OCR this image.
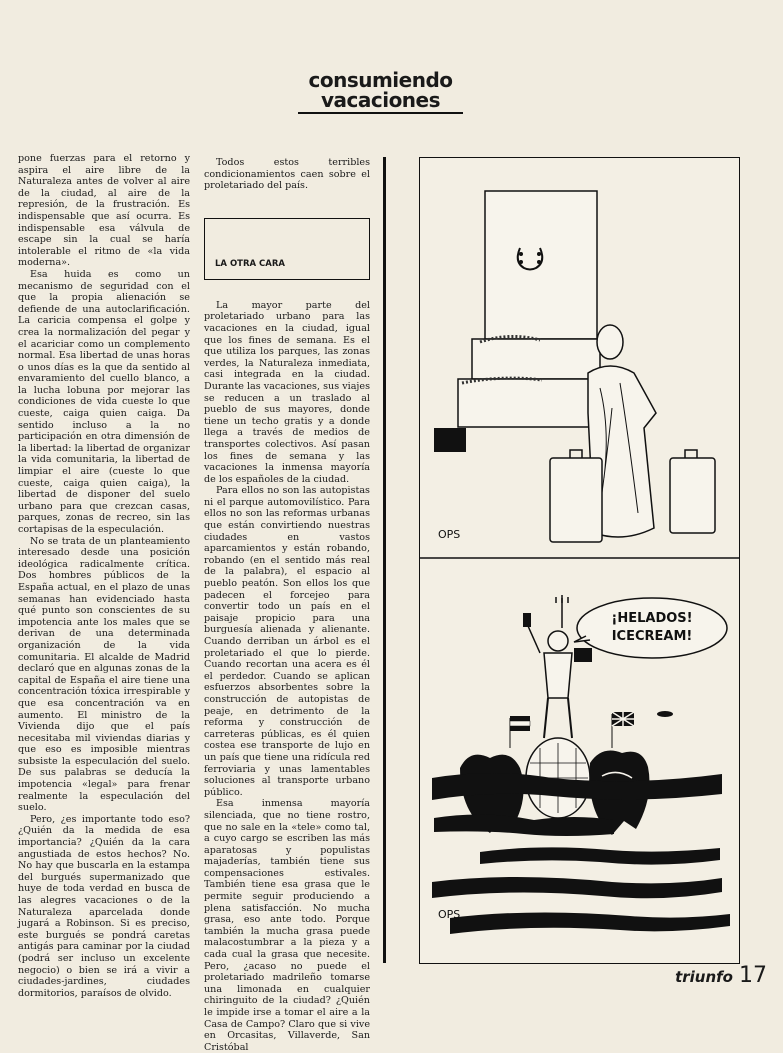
consumiendo
vacaciones

pone fuerzas para el retorno y aspira el aire libre de la Naturaleza antes de volver al aire de la ciudad, al aire de la represión, de la frustración. Es indispensable que así ocurra. Es indispensable esa válvula de escape sin la cual se haría intolerable el ritmo de «la vida moderna».

Esa huida es como un mecanismo de seguridad con el que la propia alienación se defiende de una autoclarificación. La caricia compensa el golpe y crea la normalización del pegar y el acariciar como un complemento normal. Esa libertad de unas horas o unos días es la que da sentido al envaramiento del cuello blanco, a la lucha lobuna por mejorar las condiciones de vida cueste lo que cueste, caiga quien caiga. Da sentido incluso a la no participación en otra dimensión de la libertad: la libertad de organizar la vida comunitaria, la libertad de limpiar el aire (cueste lo que cueste, caiga quien caiga), la libertad de disponer del suelo urbano para que crezcan casas, parques, zonas de recreo, sin las cortapisas de la especulación.

No se trata de un planteamiento interesado desde una posición ideológica radicalmente crítica. Dos hombres públicos de la España actual, en el plazo de unas semanas han evidenciado hasta qué punto son conscientes de su impotencia ante los males que se derivan de una determinada organización de la vida comunitaria. El alcalde de Madrid declaró que en algunas zonas de la capital de España el aire tiene una concentración tóxica irrespirable y que esa concentración va en aumento. El ministro de la Vivienda dijo que el país necesitaba mil viviendas diarias y que eso es imposible mientras subsiste la especulación del suelo. De sus palabras se deducía la impotencia «legal» para frenar realmente la especulación del suelo.

Pero, ¿es importante todo eso? ¿Quién da la medida de esa importancia? ¿Quién da la cara angustiada de estos hechos? No. No hay que buscarla en la estampa del burgués supermanizado que huye de toda verdad en busca de las alegres vacaciones o de la Naturaleza aparcelada donde jugará a Robinson. Si es preciso, este burgués se pondrá caretas antigás para caminar por la ciudad (podrá ser incluso un excelente negocio) o bien se irá a vivir a ciudades-jardines, ciudades dormitorios, paraísos de olvido.

Todos estos terribles condicionamientos caen sobre el proletariado del país.

LA OTRA CARA

La mayor parte del proletariado urbano para las vacaciones en la ciudad, igual que los fines de semana. Es el que utiliza los parques, las zonas verdes, la Naturaleza inmediata, casi integrada en la ciudad. Durante las vacaciones, sus viajes se reducen a un traslado al pueblo de sus mayores, donde tiene un techo gratis y a donde llega a través de medios de transportes colectivos. Así pasan los fines de semana y las vacaciones la inmensa mayoría de los españoles de la ciudad.

Para ellos no son las autopistas ni el parque automovilístico. Para ellos no son las reformas urbanas que están convirtiendo nuestras ciudades en vastos aparcamientos y están robando, robando (en el sentido más real de la palabra), el espacio al pueblo peatón. Son ellos los que padecen el forcejeo para convertir todo un país en el paisaje propicio para una burguesía alienada y alienante. Cuando derriban un árbol es el proletariado el que lo pierde. Cuando recortan una acera es él el perdedor. Cuando se aplican esfuerzos absorbentes sobre la construcción de autopistas de peaje, en detrimento de la reforma y construcción de carreteras públicas, es él quien costea ese transporte de lujo en un país que tiene una ridícula red ferroviaria y unas lamentables soluciones al transporte urbano público.

Esa inmensa mayoría silenciada, que no tiene rostro, que no sale en la «tele» como tal, a cuyo cargo se escriben las más aparatosas y populistas majaderías, también tiene sus compensaciones estivales. También tiene esa grasa que le permite seguir produciendo a plena satisfacción. No mucha grasa, eso ante todo. Porque también la mucha grasa puede malacostumbrar a la pieza y a cada cual la grasa que necesite. Pero, ¿acaso no puede el proletariado madrileño tomarse una limonada en cualquier chiringuito de la ciudad? ¿Quién le impide irse a tomar el aire a la Casa de Campo? Claro que si vive en Orcasitas, Villaverde, San Cristóbal

OPS
¡HELADOS!
ICECREAM!
OPS
triunfo 17
